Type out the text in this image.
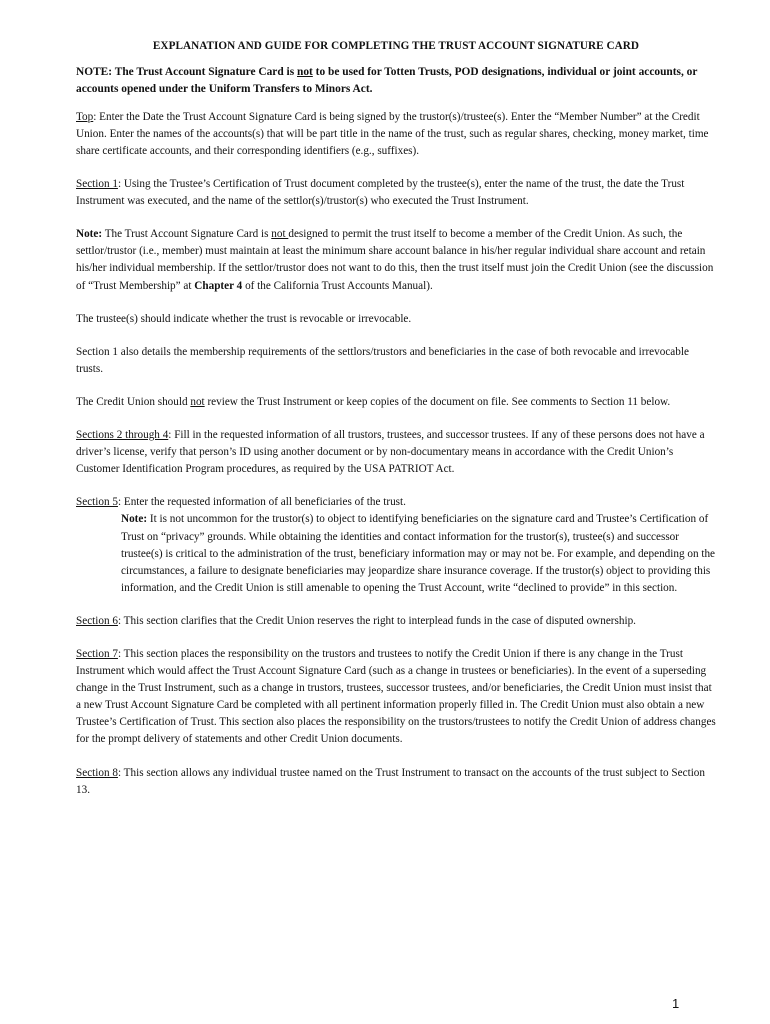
EXPLANATION AND GUIDE FOR COMPLETING THE TRUST ACCOUNT SIGNATURE CARD
NOTE: The Trust Account Signature Card is not to be used for Totten Trusts, POD designations, individual or joint accounts, or accounts opened under the Uniform Transfers to Minors Act.

Top: Enter the Date the Trust Account Signature Card is being signed by the trustor(s)/trustee(s). Enter the “Member Number” at the Credit Union. Enter the names of the accounts(s) that will be part title in the name of the trust, such as regular shares, checking, money market, time share certificate accounts, and their corresponding identifiers (e.g., suffixes).

Section 1: Using the Trustee’s Certification of Trust document completed by the trustee(s), enter the name of the trust, the date the Trust Instrument was executed, and the name of the settlor(s)/trustor(s) who executed the Trust Instrument.

Note: The Trust Account Signature Card is not designed to permit the trust itself to become a member of the Credit Union. As such, the settlor/trustor (i.e., member) must maintain at least the minimum share account balance in his/her regular individual share account and retain his/her individual membership. If the settlor/trustor does not want to do this, then the trust itself must join the Credit Union (see the discussion of “Trust Membership” at Chapter 4 of the California Trust Accounts Manual).

The trustee(s) should indicate whether the trust is revocable or irrevocable.

Section 1 also details the membership requirements of the settlors/trustors and beneficiaries in the case of both revocable and irrevocable trusts.

The Credit Union should not review the Trust Instrument or keep copies of the document on file. See comments to Section 11 below.

Sections 2 through 4: Fill in the requested information of all trustors, trustees, and successor trustees. If any of these persons does not have a driver’s license, verify that person’s ID using another document or by non-documentary means in accordance with the Credit Union’s Customer Identification Program procedures, as required by the USA PATRIOT Act.

Section 5: Enter the requested information of all beneficiaries of the trust.

Note: It is not uncommon for the trustor(s) to object to identifying beneficiaries on the signature card and Trustee’s Certification of Trust on “privacy” grounds. While obtaining the identities and contact information for the trustor(s), trustee(s) and successor trustee(s) is critical to the administration of the trust, beneficiary information may or may not be. For example, and depending on the circumstances, a failure to designate beneficiaries may jeopardize share insurance coverage. If the trustor(s) object to providing this information, and the Credit Union is still amenable to opening the Trust Account, write “declined to provide” in this section.

Section 6: This section clarifies that the Credit Union reserves the right to interplead funds in the case of disputed ownership.

Section 7: This section places the responsibility on the trustors and trustees to notify the Credit Union if there is any change in the Trust Instrument which would affect the Trust Account Signature Card (such as a change in trustees or beneficiaries). In the event of a superseding change in the Trust Instrument, such as a change in trustors, trustees, successor trustees, and/or beneficiaries, the Credit Union must insist that a new Trust Account Signature Card be completed with all pertinent information properly filled in. The Credit Union must also obtain a new Trustee’s Certification of Trust. This section also places the responsibility on the trustors/trustees to notify the Credit Union of address changes for the prompt delivery of statements and other Credit Union documents.

Section 8: This section allows any individual trustee named on the Trust Instrument to transact on the accounts of the trust subject to Section 13.

1
